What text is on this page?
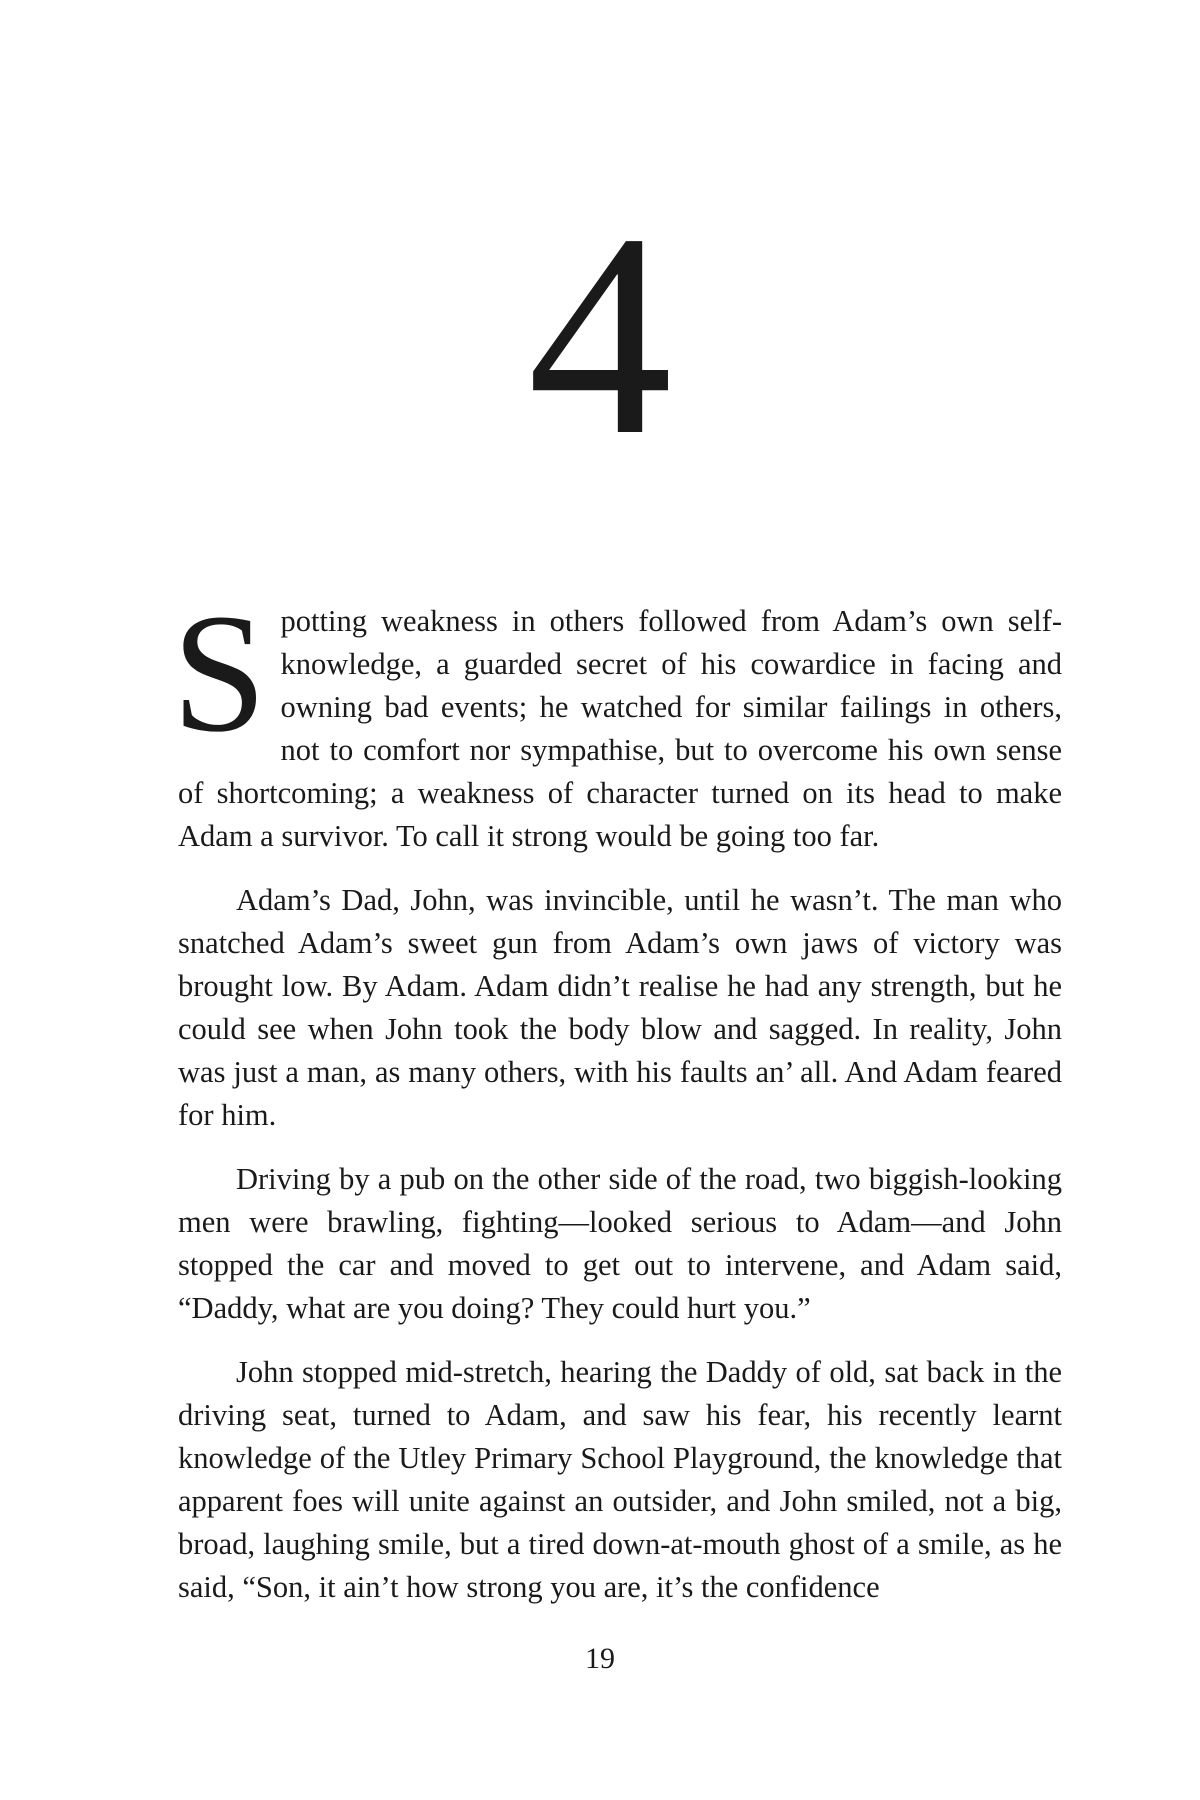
4

Spotting weakness in others followed from Adam’s own self-knowledge, a guarded secret of his cowardice in facing and owning bad events; he watched for similar failings in others, not to comfort nor sympathise, but to overcome his own sense of shortcoming; a weakness of character turned on its head to make Adam a survivor. To call it strong would be going too far.

Adam’s Dad, John, was invincible, until he wasn’t. The man who snatched Adam’s sweet gun from Adam’s own jaws of victory was brought low. By Adam. Adam didn’t realise he had any strength, but he could see when John took the body blow and sagged. In reality, John was just a man, as many others, with his faults an’ all. And Adam feared for him.

Driving by a pub on the other side of the road, two biggish-looking men were brawling, fighting—looked serious to Adam—and John stopped the car and moved to get out to intervene, and Adam said, “Daddy, what are you doing? They could hurt you.”

John stopped mid-stretch, hearing the Daddy of old, sat back in the driving seat, turned to Adam, and saw his fear, his recently learnt knowledge of the Utley Primary School Playground, the knowledge that apparent foes will unite against an outsider, and John smiled, not a big, broad, laughing smile, but a tired down-at-mouth ghost of a smile, as he said, “Son, it ain’t how strong you are, it’s the confidence

19
